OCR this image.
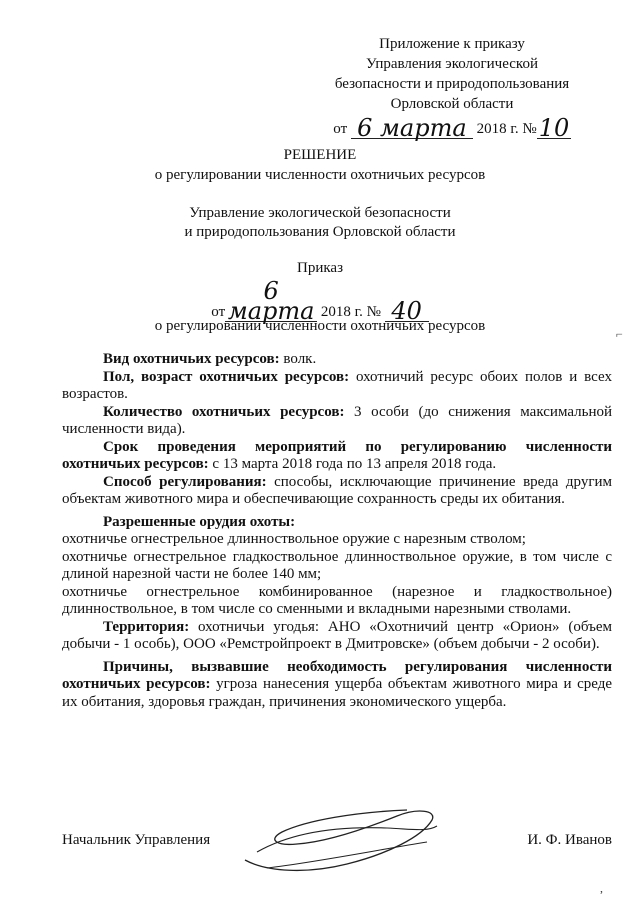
Приложение к приказу
Управления экологической
безопасности и природопользования
Орловской области
от 6 марта 2018 г. №10
РЕШЕНИЕ
о регулировании численности охотничьих ресурсов
Управление экологической безопасности
и природопользования Орловской области
Приказ
от6 марта 2018 г. № 40
о регулировании численности охотничьих ресурсов	⌐

Вид охотничьих ресурсов: волк.

Пол, возраст охотничьих ресурсов: охотничий ресурс обоих полов и всех возрастов.

Количество охотничьих ресурсов: 3 особи (до снижения максимальной численности вида).

Срок проведения мероприятий по регулированию численности охотничьих ресурсов: с 13 марта 2018 года по 13 апреля 2018 года.

Способ регулирования: способы, исключающие причинение вреда другим объектам животного мира и обеспечивающие сохранность среды их обитания.

Разрешенные орудия охоты:

охотничье огнестрельное длинноствольное оружие с нарезным стволом;

охотничье огнестрельное гладкоствольное длинноствольное оружие, в том числе с длиной нарезной части не более 140 мм;

охотничье огнестрельное комбинированное (нарезное и гладкоствольное) длинноствольное, в том числе со сменными и вкладными нарезными стволами.

Территория: охотничьи угодья: АНО «Охотничий центр «Орион» (объем добычи - 1 особь), ООО «Ремстройпроект в Дмитровске» (объем добычи - 2 особи).

Причины, вызвавшие необходимость регулирования численности охотничьих ресурсов: угроза нанесения ущерба объектам животного мира и среде их обитания, здоровья граждан, причинения экономического ущерба.

Начальник Управления	И. Ф. Иванов
,
